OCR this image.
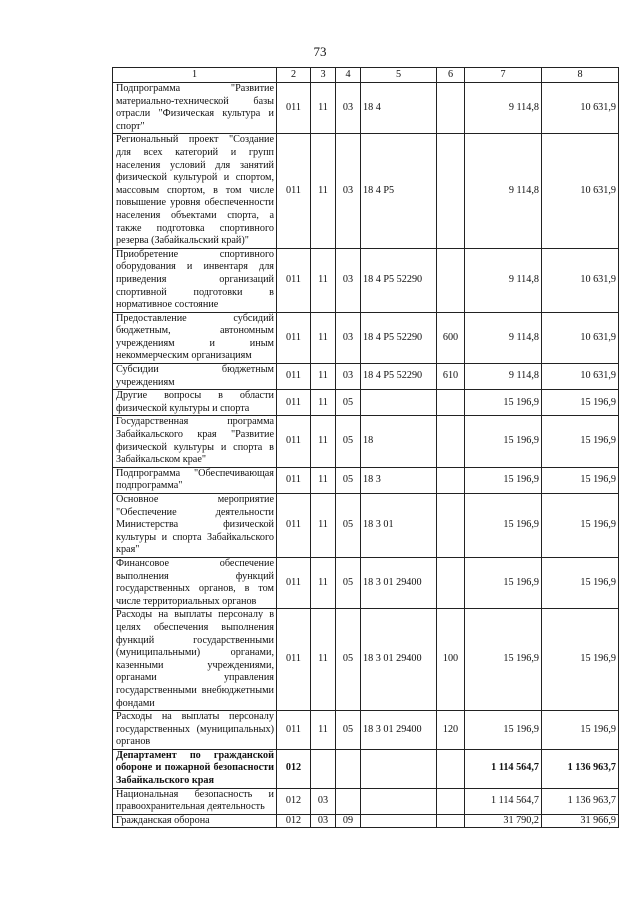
73
1	2	3	4	5	6	7	8
Подпрограмма "Развитие материально-технической базы отрасли "Физическая культура и спорт"	011	11	03	18 4		9 114,8	10 631,9
Региональный проект "Создание для всех категорий и групп населения условий для занятий физической культурой и спортом, массовым спортом, в том числе повышение уровня обеспеченности населения объектами спорта, а также подготовка спортивного резерва (Забайкальский край)"	011	11	03	18 4 P5		9 114,8	10 631,9
Приобретение спортивного оборудования и инвентаря для приведения организаций спортивной подготовки в нормативное состояние	011	11	03	18 4 P5 52290		9 114,8	10 631,9
Предоставление субсидий бюджетным, автономным учреждениям и иным некоммерческим организациям	011	11	03	18 4 P5 52290	600	9 114,8	10 631,9
Субсидии бюджетным учреждениям	011	11	03	18 4 P5 52290	610	9 114,8	10 631,9
Другие вопросы в области физической культуры и спорта	011	11	05			15 196,9	15 196,9
Государственная программа Забайкальского края "Развитие физической культуры и спорта в Забайкальском крае"	011	11	05	18		15 196,9	15 196,9
Подпрограмма "Обеспечивающая подпрограмма"	011	11	05	18 3		15 196,9	15 196,9
Основное мероприятие "Обеспечение деятельности Министерства физической культуры и спорта Забайкальского края"	011	11	05	18 3 01		15 196,9	15 196,9
Финансовое обеспечение выполнения функций государственных органов, в том числе территориальных органов	011	11	05	18 3 01 29400		15 196,9	15 196,9
Расходы на выплаты персоналу в целях обеспечения выполнения функций государственными (муниципальными) органами, казенными учреждениями, органами управления государственными внебюджетными фондами	011	11	05	18 3 01 29400	100	15 196,9	15 196,9
Расходы на выплаты персоналу государственных (муниципальных) органов	011	11	05	18 3 01 29400	120	15 196,9	15 196,9
Департамент по гражданской обороне и пожарной безопасности Забайкальского края	012					1 114 564,7	1 136 963,7
Национальная безопасность и правоохранительная деятельность	012	03				1 114 564,7	1 136 963,7
Гражданская оборона	012	03	09			31 790,2	31 966,9
